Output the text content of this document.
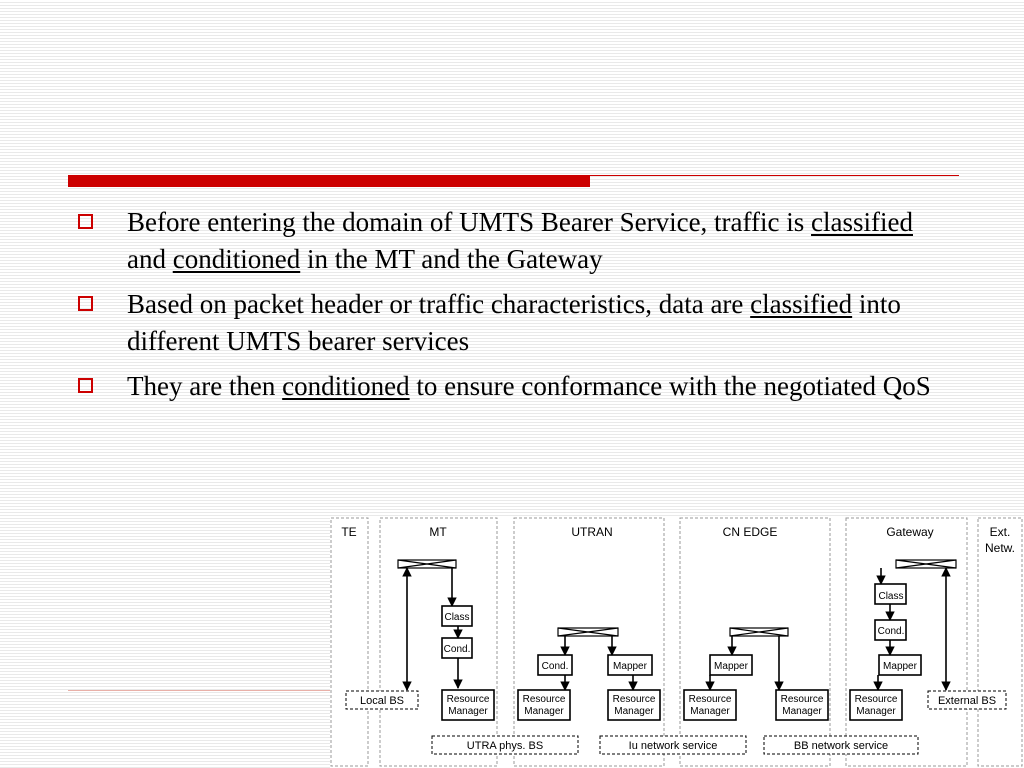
Before entering the domain of UMTS Bearer Service, traffic is classified and conditioned in the MT and the Gateway
Based on packet header or traffic characteristics, data are classified into different UMTS bearer services
They are then conditioned to ensure conformance with the negotiated QoS
TE	MT	UTRAN	CN EDGE	Gateway	Ext.
Netw.
Class
Cond.
Resource
Manager
Cond.	Mapper
Resource
Manager
Resource
Manager
Mapper
Resource
Manager
Resource
Manager
Class
Cond.
Mapper
Resource
Manager
Local BS	External BS
UTRA phys. BS	Iu network service	BB network service
